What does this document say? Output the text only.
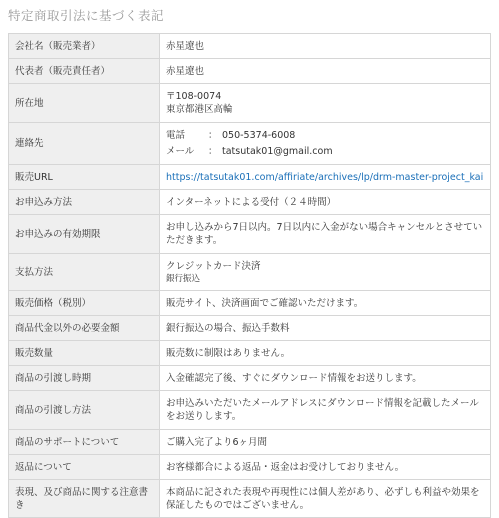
特定商取引法に基づく表記
会社名（販売業者）	赤星遼也
代表者（販売責任者）	赤星遼也
所在地	〒108-0074
東京都港区高輪

連絡先	電話 ： 050-5374-6008
メール ： tatsutak01@gmail.com

販売URL	https://tatsutak01.com/affiriate/archives/lp/drm-master-project_kai
お申込み方法	インターネットによる受付（２４時間）
お申込みの有効期限	お申し込みから7日以内。7日以内に入金がない場合キャンセルとさせていただきます。
支払方法	クレジットカード決済
銀行振込

販売価格（税別）	販売サイト、決済画面でご確認いただけます。
商品代金以外の必要金額	銀行振込の場合、振込手数料
販売数量	販売数に制限はありません。
商品の引渡し時期	入金確認完了後、すぐにダウンロード情報をお送りします。
商品の引渡し方法	お申込みいただいたメールアドレスにダウンロード情報を記載したメールをお送りします。
商品のサポートについて	ご購入完了より6ヶ月間
返品について	お客様都合による返品・返金はお受けしておりません。
表現、及び商品に関する注意書き	本商品に記された表現や再現性には個人差があり、必ずしも利益や効果を保証したものではございません。
